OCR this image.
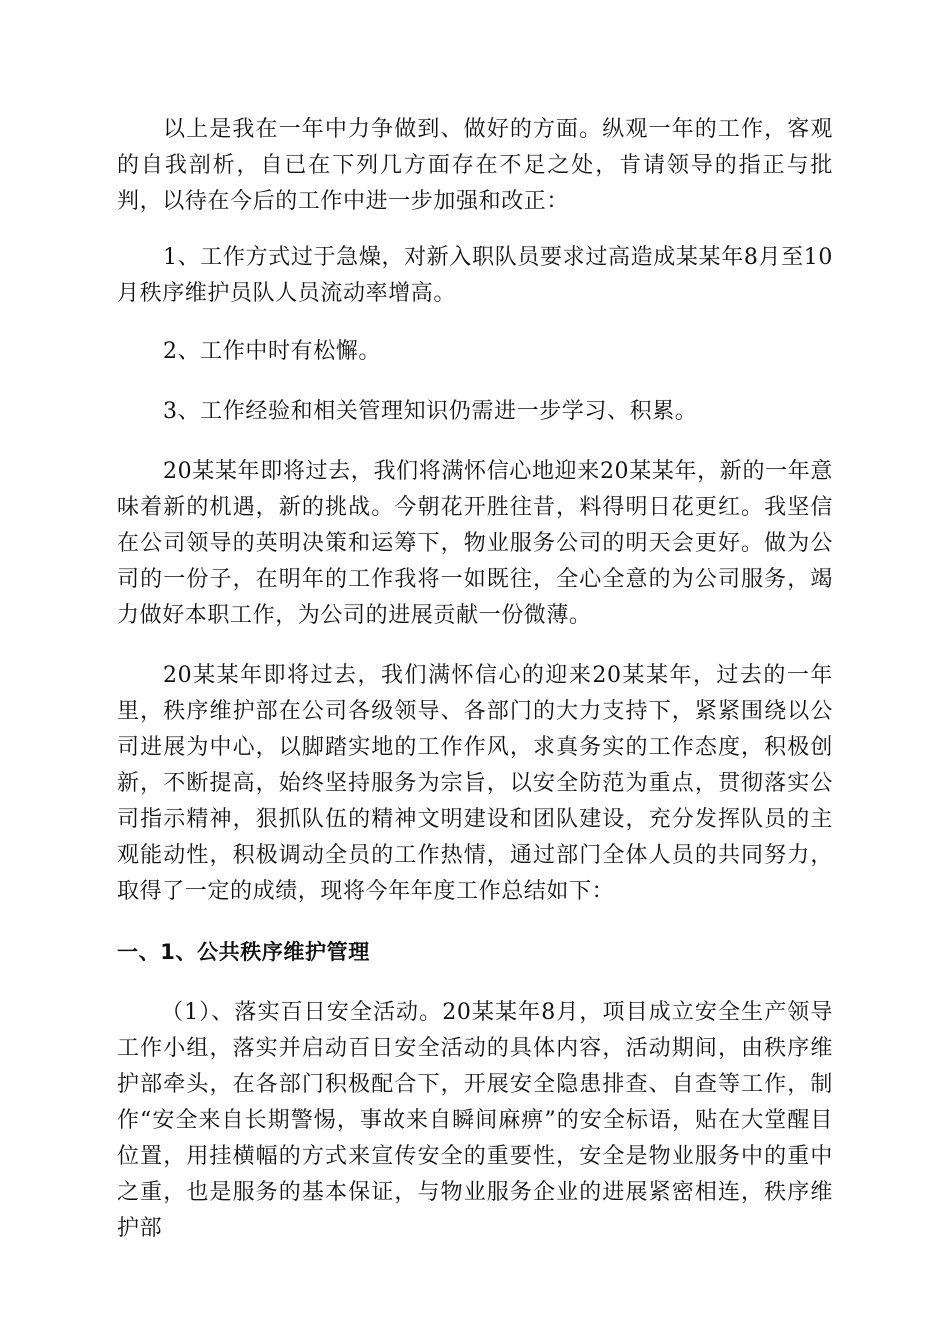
以上是我在一年中力争做到、做好的方面。纵观一年的工作，客观的自我剖析，自已在下列几方面存在不足之处，肯请领导的指正与批判，以待在今后的工作中进一步加强和改正：

1、工作方式过于急燥，对新入职队员要求过高造成某某年8月至10月秩序维护员队人员流动率增高。

2、工作中时有松懈。

3、工作经验和相关管理知识仍需进一步学习、积累。

20某某年即将过去，我们将满怀信心地迎来20某某年，新的一年意味着新的机遇，新的挑战。今朝花开胜往昔，料得明日花更红。我坚信在公司领导的英明决策和运筹下，物业服务公司的明天会更好。做为公司的一份子，在明年的工作我将一如既往，全心全意的为公司服务，竭力做好本职工作，为公司的进展贡献一份微薄。

20某某年即将过去，我们满怀信心的迎来20某某年，过去的一年里，秩序维护部在公司各级领导、各部门的大力支持下，紧紧围绕以公司进展为中心，以脚踏实地的工作作风，求真务实的工作态度，积极创新，不断提高，始终坚持服务为宗旨，以安全防范为重点，贯彻落实公司指示精神，狠抓队伍的精神文明建设和团队建设，充分发挥队员的主观能动性，积极调动全员的工作热情，通过部门全体人员的共同努力，取得了一定的成绩，现将今年年度工作总结如下：

一、1、公共秩序维护管理

（1）、落实百日安全活动。20某某年8月，项目成立安全生产领导工作小组，落实并启动百日安全活动的具体内容，活动期间，由秩序维护部牵头，在各部门积极配合下，开展安全隐患排查、自查等工作，制作“安全来自长期警惕，事故来自瞬间麻痹”的安全标语，贴在大堂醒目位置，用挂横幅的方式来宣传安全的重要性，安全是物业服务中的重中之重，也是服务的基本保证，与物业服务企业的进展紧密相连，秩序维护部
